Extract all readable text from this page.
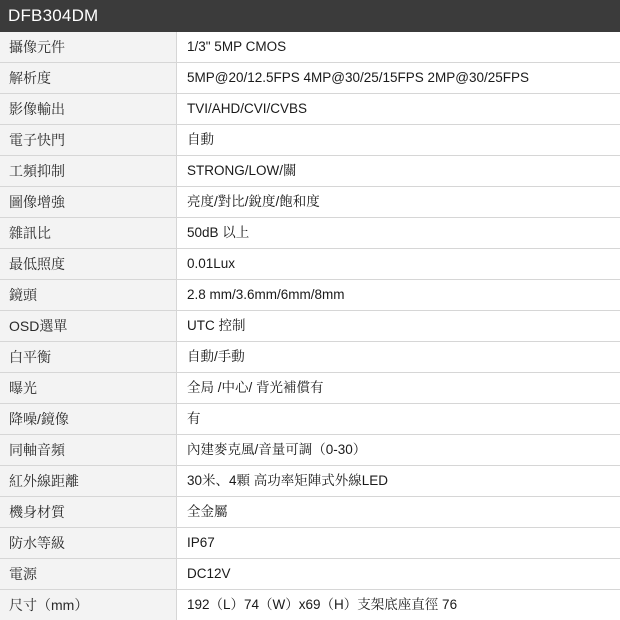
DFB304DM
攝像元件	1/3" 5MP CMOS
解析度	5MP@20/12.5FPS 4MP@30/25/15FPS 2MP@30/25FPS
影像輸出	TVI/AHD/CVI/CVBS
電子快門	自動
工頻抑制	STRONG/LOW/關
圖像增強	亮度/對比/銳度/飽和度
雜訊比	50dB 以上
最低照度	0.01Lux
鏡頭	2.8 mm/3.6mm/6mm/8mm
OSD選單	UTC 控制
白平衡	自動/手動
曝光	全局 /中心/ 背光補償有
降噪/鏡像	有
同軸音頻	內建麥克風/音量可調（0-30）
紅外線距離	30米、4顆 高功率矩陣式外線LED
機身材質	全金屬
防水等級	IP67
電源	DC12V
尺寸（mm）	192（L）74（W）x69（H）支架底座直徑 76
